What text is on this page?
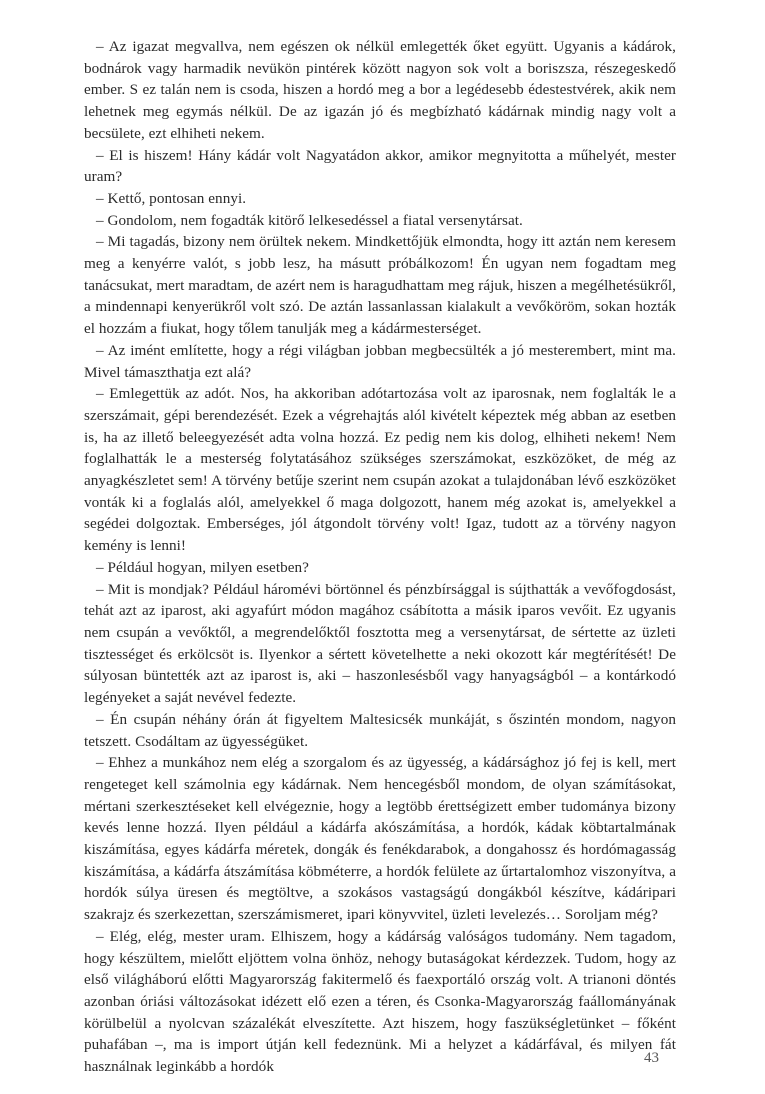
– Az igazat megvallva, nem egészen ok nélkül emlegették őket együtt. Ugyanis a kádárok, bodnárok vagy harmadik nevükön pintérek között nagyon sok volt a boriszsza, részegeskedő ember. S ez talán nem is csoda, hiszen a hordó meg a bor a legédesebb édestestvérek, akik nem lehetnek meg egymás nélkül. De az igazán jó és megbízható kádárnak mindig nagy volt a becsülete, ezt elhiheti nekem.

– El is hiszem! Hány kádár volt Nagyatádon akkor, amikor megnyitotta a műhelyét, mester uram?

– Kettő, pontosan ennyi.

– Gondolom, nem fogadták kitörő lelkesedéssel a fiatal versenytársat.

– Mi tagadás, bizony nem örültek nekem. Mindkettőjük elmondta, hogy itt aztán nem keresem meg a kenyérre valót, s jobb lesz, ha másutt próbálkozom! Én ugyan nem fogadtam meg tanácsukat, mert maradtam, de azért nem is haragudhattam meg rájuk, hiszen a megélhetésükről, a mindennapi kenyerükről volt szó. De aztán lassanlassan kialakult a vevőköröm, sokan hozták el hozzám a fiukat, hogy tőlem tanulják meg a kádármesterséget.

– Az imént említette, hogy a régi világban jobban megbecsülték a jó mesterembert, mint ma. Mivel támaszthatja ezt alá?

– Emlegettük az adót. Nos, ha akkoriban adótartozása volt az iparosnak, nem foglalták le a szerszámait, gépi berendezését. Ezek a végrehajtás alól kivételt képeztek még abban az esetben is, ha az illető beleegyezését adta volna hozzá. Ez pedig nem kis dolog, elhiheti nekem! Nem foglalhatták le a mesterség folytatásához szükséges szerszámokat, eszközöket, de még az anyagkészletet sem! A törvény betűje szerint nem csupán azokat a tulajdonában lévő eszközöket vonták ki a foglalás alól, amelyekkel ő maga dolgozott, hanem még azokat is, amelyekkel a segédei dolgoztak. Emberséges, jól átgondolt törvény volt! Igaz, tudott az a törvény nagyon kemény is lenni!

– Például hogyan, milyen esetben?

– Mit is mondjak? Például háromévi börtönnel és pénzbírsággal is sújthatták a vevőfogdosást, tehát azt az iparost, aki agyafúrt módon magához csábította a másik iparos vevőit. Ez ugyanis nem csupán a vevőktől, a megrendelőktől fosztotta meg a versenytársat, de sértette az üzleti tisztességet és erkölcsöt is. Ilyenkor a sértett követelhette a neki okozott kár megtérítését! De súlyosan büntették azt az iparost is, aki – haszonlesésből vagy hanyagságból – a kontárkodó legényeket a saját nevével fedezte.

– Én csupán néhány órán át figyeltem Maltesicsék munkáját, s őszintén mondom, nagyon tetszett. Csodáltam az ügyességüket.

– Ehhez a munkához nem elég a szorgalom és az ügyesség, a kádársághoz jó fej is kell, mert rengeteget kell számolnia egy kádárnak. Nem hencegésből mondom, de olyan számításokat, mértani szerkesztéseket kell elvégeznie, hogy a legtöbb érettségizett ember tudománya bizony kevés lenne hozzá. Ilyen például a kádárfa akószámítása, a hordók, kádak köbtartalmának kiszámítása, egyes kádárfa méretek, dongák és fenékdarabok, a dongahossz és hordómagasság kiszámítása, a kádárfa átszámítása köbméterre, a hordók felülete az űrtartalomhoz viszonyítva, a hordók súlya üresen és megtöltve, a szokásos vastagságú dongákból készítve, kádáripari szakrajz és szerkezettan, szerszámismeret, ipari könyvvitel, üzleti levelezés… Soroljam még?

– Elég, elég, mester uram. Elhiszem, hogy a kádárság valóságos tudomány. Nem tagadom, hogy készültem, mielőtt eljöttem volna önhöz, nehogy butaságokat kérdezzek. Tudom, hogy az első világháború előtti Magyarország fakitermelő és faexportáló ország volt. A trianoni döntés azonban óriási változásokat idézett elő ezen a téren, és Csonka-Magyarország faállományának körülbelül a nyolcvan százalékát elveszítette. Azt hiszem, hogy faszükségletünket – főként puhafában –, ma is import útján kell fedeznünk. Mi a helyzet a kádárfával, és milyen fát használnak leginkább a hordók

43
